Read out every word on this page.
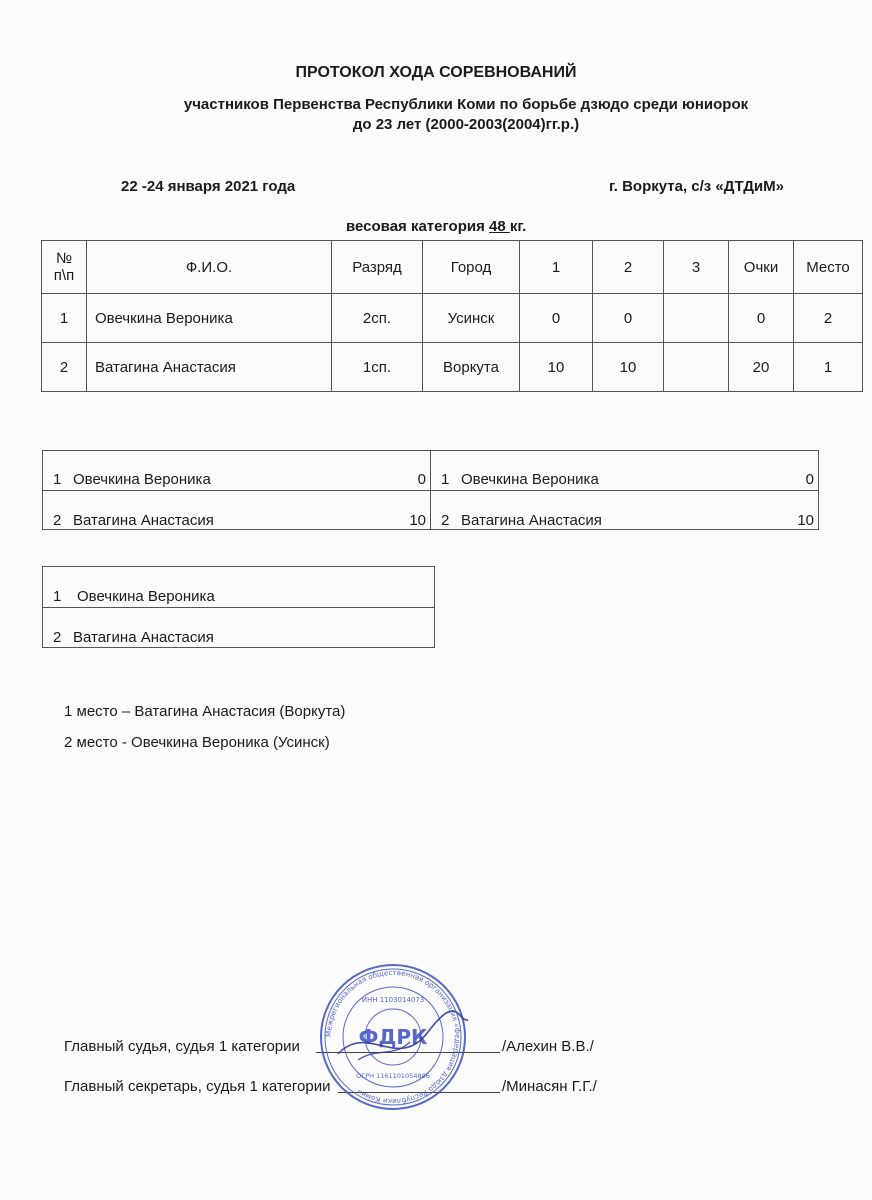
ПРОТОКОЛ ХОДА СОРЕВНОВАНИЙ
участников Первенства Республики Коми по борьбе дзюдо среди юниорок
до 23 лет (2000-2003(2004)гг.р.)
22 -24 января 2021 года	г. Воркута, с/з «ДТДиМ»
весовая категория 48 кг.
№
п\п	Ф.И.О.	Разряд	Город	1	2	3	Очки	Место
1	Овечкина Вероника	2сп.	Усинск	0	0		0	2
2	Ватагина Анастасия	1сп.	Воркута	10	10		20	1
1 Овечкина Вероника	0
2 Ватагина Анастасия	10
1 Овечкина Вероника	0
2 Ватагина Анастасия	10
1 Овечкина Вероника
2 Ватагина Анастасия
1 место – Ватагина Анастасия (Воркута)
2 место - Овечкина Вероника (Усинск)
Главный судья, судья 1 категории	/Алехин В.В./
Главный секретарь, судья 1 категории	/Минасян Г.Г./
Межрегиональная общественная организация «Федерация дзюдо Республики Коми»
ИНН 1103014073
ОГРН 1161101054886
ФДРК
